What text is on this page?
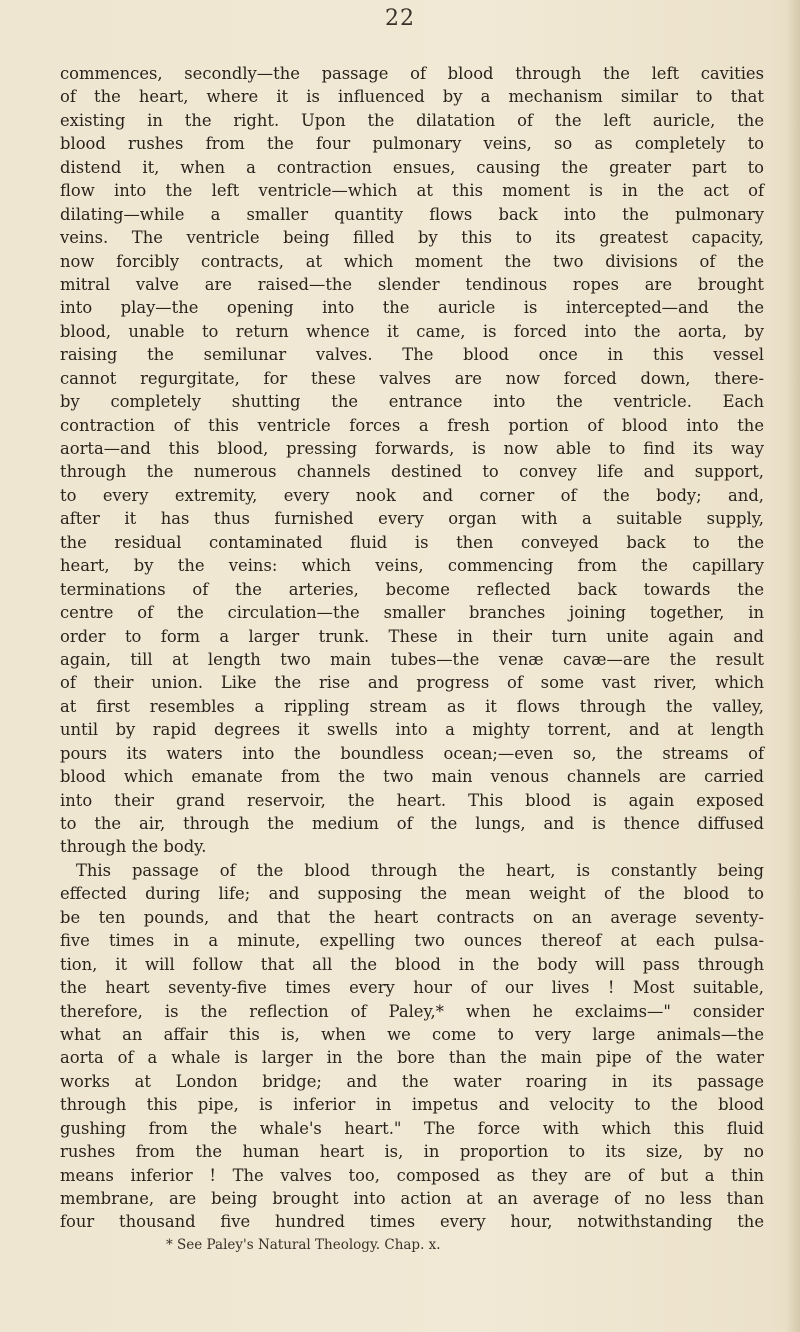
22
commences, secondly—the passage of blood through the left cavities
of the heart, where it is influenced by a mechanism similar to that
existing in the right. Upon the dilatation of the left auricle, the
blood rushes from the four pulmonary veins, so as completely to
distend it, when a contraction ensues, causing the greater part to
flow into the left ventricle—which at this moment is in the act of
dilating—while a smaller quantity flows back into the pulmonary
veins. The ventricle being filled by this to its greatest capacity,
now forcibly contracts, at which moment the two divisions of the
mitral valve are raised—the slender tendinous ropes are brought
into play—the opening into the auricle is intercepted—and the
blood, unable to return whence it came, is forced into the aorta, by
raising the semilunar valves. The blood once in this vessel
cannot regurgitate, for these valves are now forced down, there-
by completely shutting the entrance into the ventricle. Each
contraction of this ventricle forces a fresh portion of blood into the
aorta—and this blood, pressing forwards, is now able to find its way
through the numerous channels destined to convey life and support,
to every extremity, every nook and corner of the body; and,
after it has thus furnished every organ with a suitable supply,
the residual contaminated fluid is then conveyed back to the
heart, by the veins: which veins, commencing from the capillary
terminations of the arteries, become reflected back towards the
centre of the circulation—the smaller branches joining together, in
order to form a larger trunk. These in their turn unite again and
again, till at length two main tubes—the venæ cavæ—are the result
of their union. Like the rise and progress of some vast river, which
at first resembles a rippling stream as it flows through the valley,
until by rapid degrees it swells into a mighty torrent, and at length
pours its waters into the boundless ocean;—even so, the streams of
blood which emanate from the two main venous channels are carried
into their grand reservoir, the heart. This blood is again exposed
to the air, through the medium of the lungs, and is thence diffused
through the body.
This passage of the blood through the heart, is constantly being
effected during life; and supposing the mean weight of the blood to
be ten pounds, and that the heart contracts on an average seventy-
five times in a minute, expelling two ounces thereof at each pulsa-
tion, it will follow that all the blood in the body will pass through
the heart seventy-five times every hour of our lives ! Most suitable,
therefore, is the reflection of Paley,* when he exclaims—" consider
what an affair this is, when we come to very large animals—the
aorta of a whale is larger in the bore than the main pipe of the water
works at London bridge; and the water roaring in its passage
through this pipe, is inferior in impetus and velocity to the blood
gushing from the whale's heart." The force with which this fluid
rushes from the human heart is, in proportion to its size, by no
means inferior ! The valves too, composed as they are of but a thin
membrane, are being brought into action at an average of no less than
four thousand five hundred times every hour, notwithstanding the
* See Paley's Natural Theology. Chap. x.
